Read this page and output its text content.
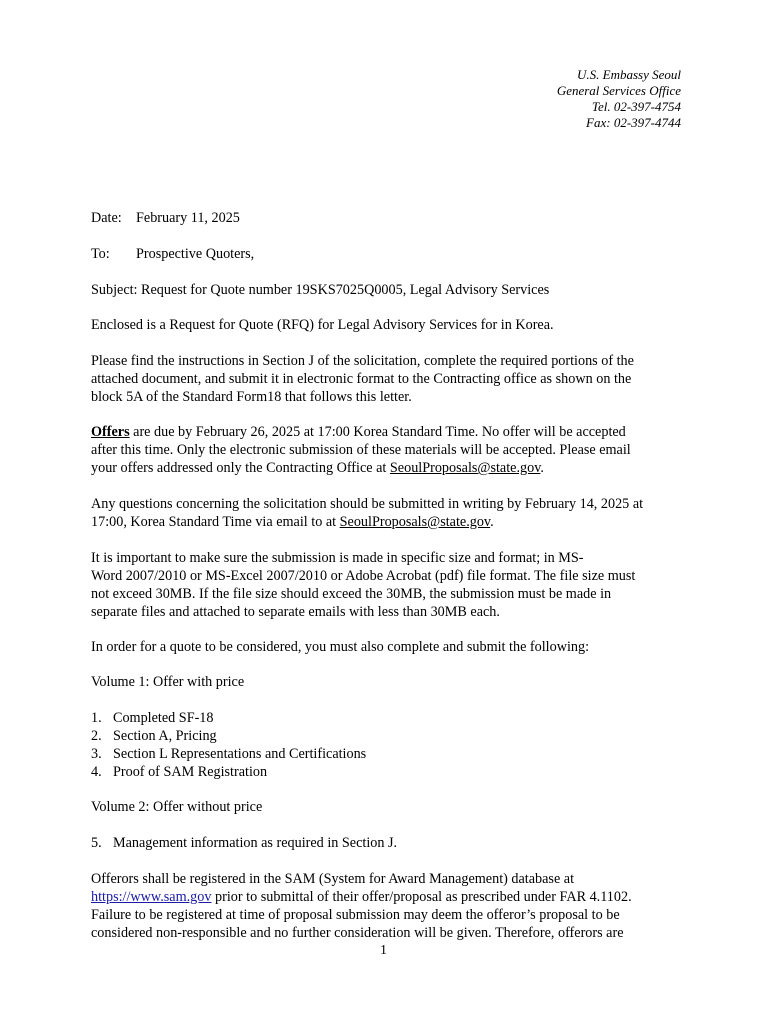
U.S. Embassy Seoul
General Services Office
Tel. 02-397-4754
Fax: 02-397-4744
Date: February 11, 2025
To: Prospective Quoters,
Subject: Request for Quote number 19SKS7025Q0005, Legal Advisory Services
Enclosed is a Request for Quote (RFQ) for Legal Advisory Services for in Korea.
Please find the instructions in Section J of the solicitation, complete the required portions of the
attached document, and submit it in electronic format to the Contracting office as shown on the
block 5A of the Standard Form18 that follows this letter.
Offers are due by February 26, 2025 at 17:00 Korea Standard Time. No offer will be accepted
after this time. Only the electronic submission of these materials will be accepted. Please email
your offers addressed only the Contracting Office at SeoulProposals@state.gov.
Any questions concerning the solicitation should be submitted in writing by February 14, 2025 at
17:00, Korea Standard Time via email to at SeoulProposals@state.gov.
It is important to make sure the submission is made in specific size and format; in MS-
Word 2007/2010 or MS-Excel 2007/2010 or Adobe Acrobat (pdf) file format. The file size must
not exceed 30MB. If the file size should exceed the 30MB, the submission must be made in
separate files and attached to separate emails with less than 30MB each.
In order for a quote to be considered, you must also complete and submit the following:
Volume 1: Offer with price
1. Completed SF-18
2. Section A, Pricing
3. Section L Representations and Certifications
4. Proof of SAM Registration
Volume 2: Offer without price
5. Management information as required in Section J.
Offerors shall be registered in the SAM (System for Award Management) database at
https://www.sam.gov prior to submittal of their offer/proposal as prescribed under FAR 4.1102.
Failure to be registered at time of proposal submission may deem the offeror’s proposal to be
considered non-responsible and no further consideration will be given. Therefore, offerors are
1
